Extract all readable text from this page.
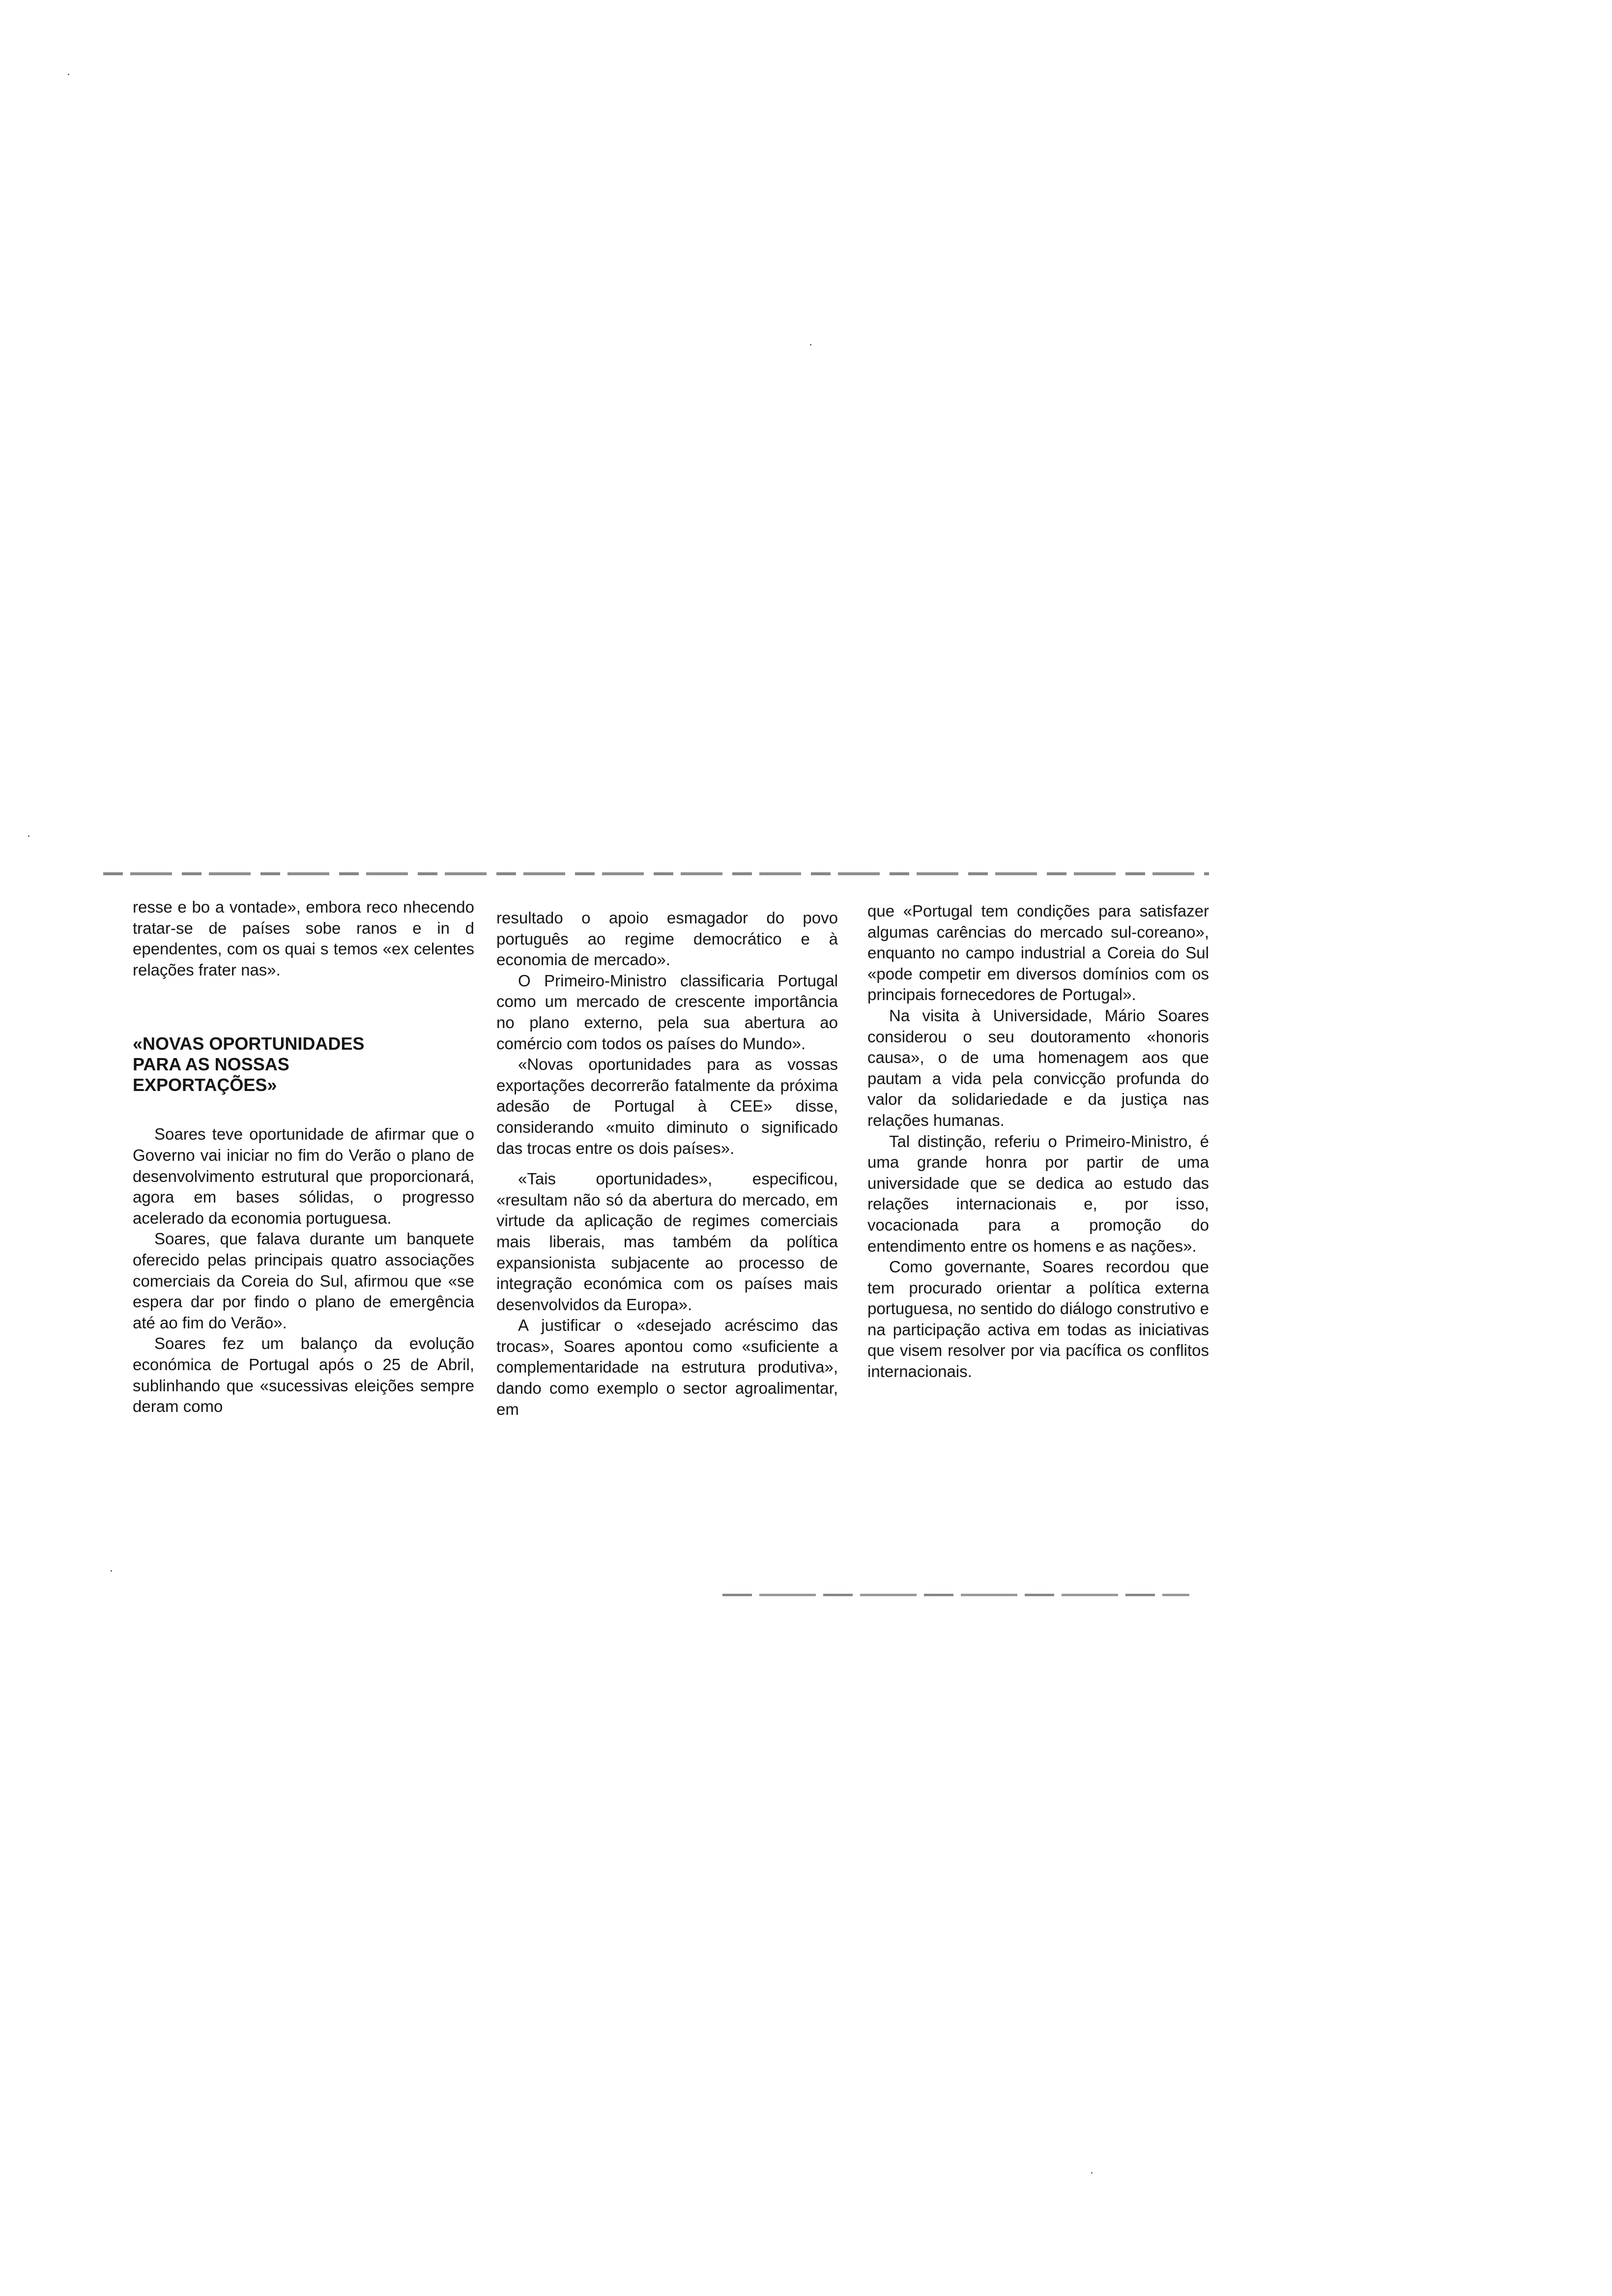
resse e bo a vontade», embora reco nhecendo tratar-se de países sobe ranos e in d ependentes, com os quai s temos «ex celentes relações frater nas».

«NOVAS OPORTUNIDADES
PARA AS NOSSAS
EXPORTAÇÕES»

Soares teve oportunidade de afirmar que o Governo vai iniciar no fim do Verão o plano de desenvolvimento estrutural que proporcionará, agora em bases sólidas, o progresso acelerado da economia portuguesa.

Soares, que falava durante um banquete oferecido pelas principais quatro associações comerciais da Coreia do Sul, afirmou que «se espera dar por findo o plano de emergência até ao fim do Verão».

Soares fez um balanço da evolução económica de Portugal após o 25 de Abril, sublinhando que «sucessivas eleições sempre deram como

resultado o apoio esmagador do povo português ao regime democrático e à economia de mercado».

O Primeiro-Ministro classificaria Portugal como um mercado de crescente importância no plano externo, pela sua abertura ao comércio com todos os países do Mundo».

«Novas oportunidades para as vossas exportações decorrerão fatalmente da próxima adesão de Portugal à CEE» disse, considerando «muito diminuto o significado das trocas entre os dois países».

«Tais oportunidades», especificou, «resultam não só da abertura do mercado, em virtude da aplicação de regimes comerciais mais liberais, mas também da política expansionista subjacente ao processo de integração económica com os países mais desenvolvidos da Europa».

A justificar o «desejado acréscimo das trocas», Soares apontou como «suficiente a complementaridade na estrutura produtiva», dando como exemplo o sector agroalimentar, em

que «Portugal tem condições para satisfazer algumas carências do mercado sul-coreano», enquanto no campo industrial a Coreia do Sul «pode competir em diversos domínios com os principais fornecedores de Portugal».

Na visita à Universidade, Mário Soares considerou o seu doutoramento «honoris causa», o de uma homenagem aos que pautam a vida pela convicção profunda do valor da solidariedade e da justiça nas relações humanas.

Tal distinção, referiu o Primeiro-Ministro, é uma grande honra por partir de uma universidade que se dedica ao estudo das relações internacionais e, por isso, vocacionada para a promoção do entendimento entre os homens e as nações».

Como governante, Soares recordou que tem procurado orientar a política externa portuguesa, no sentido do diálogo construtivo e na participação activa em todas as iniciativas que visem resolver por via pacífica os conflitos internacionais.
